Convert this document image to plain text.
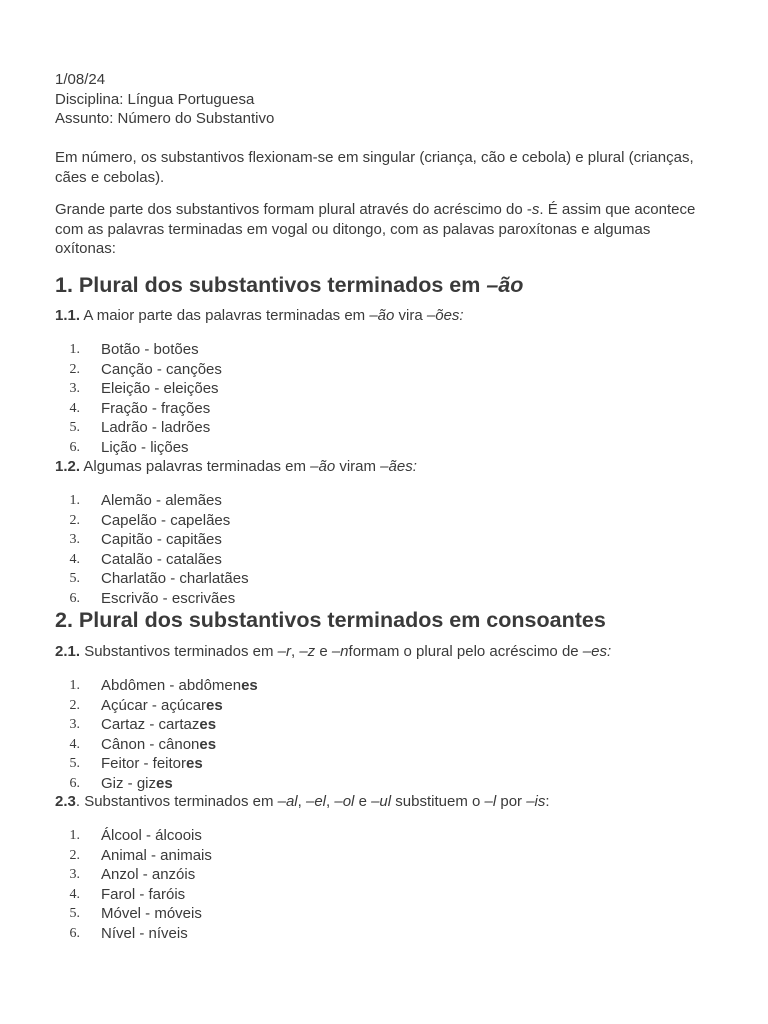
1/08/24
Disciplina: Língua Portuguesa
Assunto: Número do Substantivo

Em número, os substantivos flexionam-se em singular (criança, cão e cebola) e plural (crianças, cães e cebolas).

Grande parte dos substantivos formam plural através do acréscimo do -s. É assim que acontece com as palavras terminadas em vogal ou ditongo, com as palavas paroxítonas e algumas oxítonas:

1. Plural dos substantivos terminados em –ão

1.1. A maior parte das palavras terminadas em –ão vira –ões:

1. Botão - botões
2. Canção - canções
3. Eleição - eleições
4. Fração - frações
5. Ladrão - ladrões
6. Lição - lições

1.2. Algumas palavras terminadas em –ão viram –ães:

1. Alemão - alemães
2. Capelão - capelães
3. Capitão - capitães
4. Catalão - catalães
5. Charlatão - charlatães
6. Escrivão - escrivães
2. Plural dos substantivos terminados em consoantes

2.1. Substantivos terminados em –r, –z e –nformam o plural pelo acréscimo de –es:

1. Abdômen - abdômenes
2. Açúcar - açúcares
3. Cartaz - cartazes
4. Cânon - cânones
5. Feitor - feitores
6. Giz - gizes

2.3. Substantivos terminados em –al, –el, –ol e –ul substituem o –l por –is:

1. Álcool - álcoois
2. Animal - animais
3. Anzol - anzóis
4. Farol - faróis
5. Móvel - móveis
6. Nível - níveis
